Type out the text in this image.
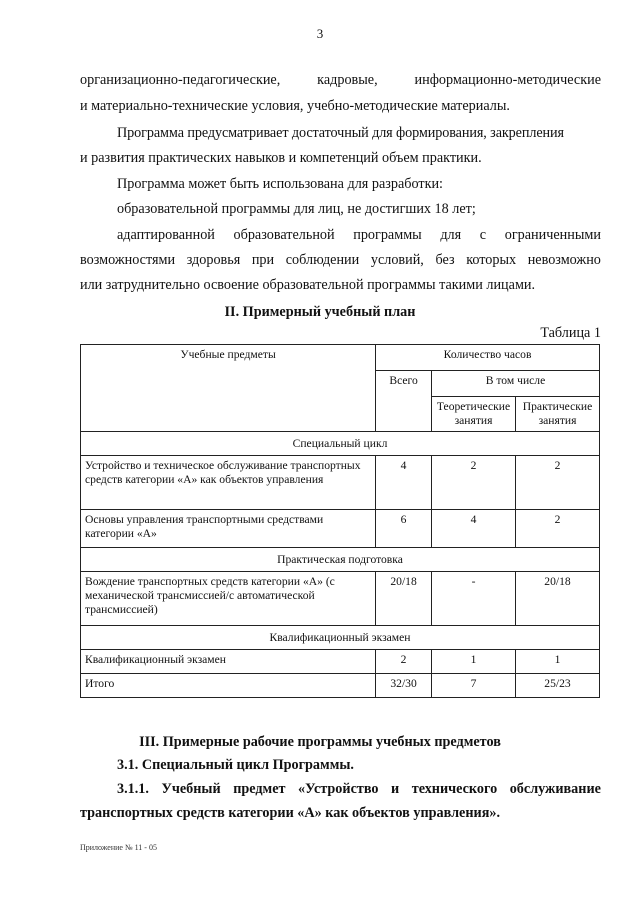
3
организационно-педагогические,	кадровые,	информационно-методические
и материально-технические условия, учебно-методические материалы.
Программа предусматривает достаточный для формирования, закрепления
и развития практических навыков и компетенций объем практики.
Программа может быть использована для разработки:
образовательной программы для лиц, не достигших 18 лет;
адаптированной образовательной программы для с ограниченными
возможностями здоровья при соблюдении условий, без которых невозможно
или затруднительно освоение образовательной программы такими лицами.
II. Примерный учебный план
Таблица 1
Учебные предметы	Количество часов		
	Всего	В том числе	
		Теоретические занятия	Практические занятия
Специальный цикл			
Устройство и техническое обслуживание транспортных средств категории «А» как объектов управления	4	2	2
Основы управления транспортными средствами категории «А»	6	4	2
Практическая подготовка			
Вождение транспортных средств категории «А» (с механической трансмиссией/с автоматической трансмиссией)	20/18	-	20/18
Квалификационный экзамен			
Квалификационный экзамен	2	1	1
Итого	32/30	7	25/23
III. Примерные рабочие программы учебных предметов
3.1. Специальный цикл Программы.
3.1.1. Учебный предмет «Устройство и технического обслуживание
транспортных средств категории «А» как объектов управления».
Приложение № 11 - 05
